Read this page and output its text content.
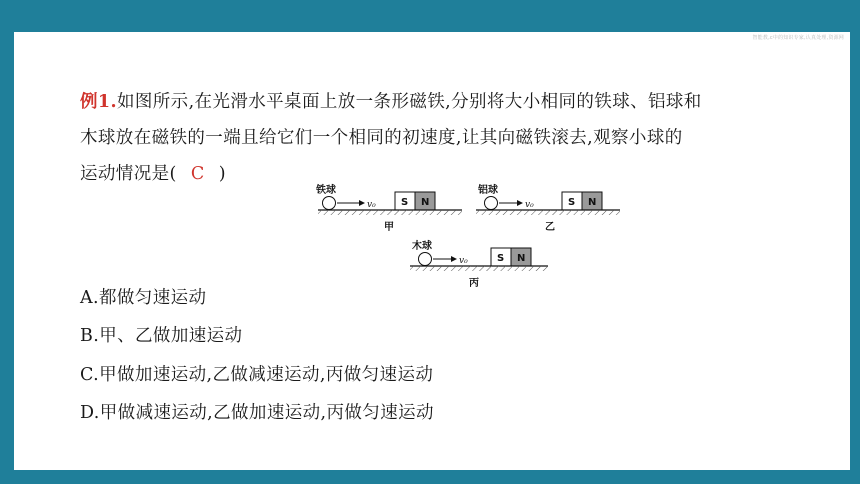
智能教,c中的知识专家,认真处理,资源网
例1.如图所示,在光滑水平桌面上放一条形磁铁,分别将大小相同的铁球、铝球和
木球放在磁铁的一端且给它们一个相同的初速度,让其向磁铁滚去,观察小球的
运动情况是( C )
铁球
v₀	S N
甲
铝球
v₀	S N
乙
木球
v₀	S N
丙
A.都做匀速运动
B.甲、乙做加速运动
C.甲做加速运动,乙做减速运动,丙做匀速运动
D.甲做减速运动,乙做加速运动,丙做匀速运动
